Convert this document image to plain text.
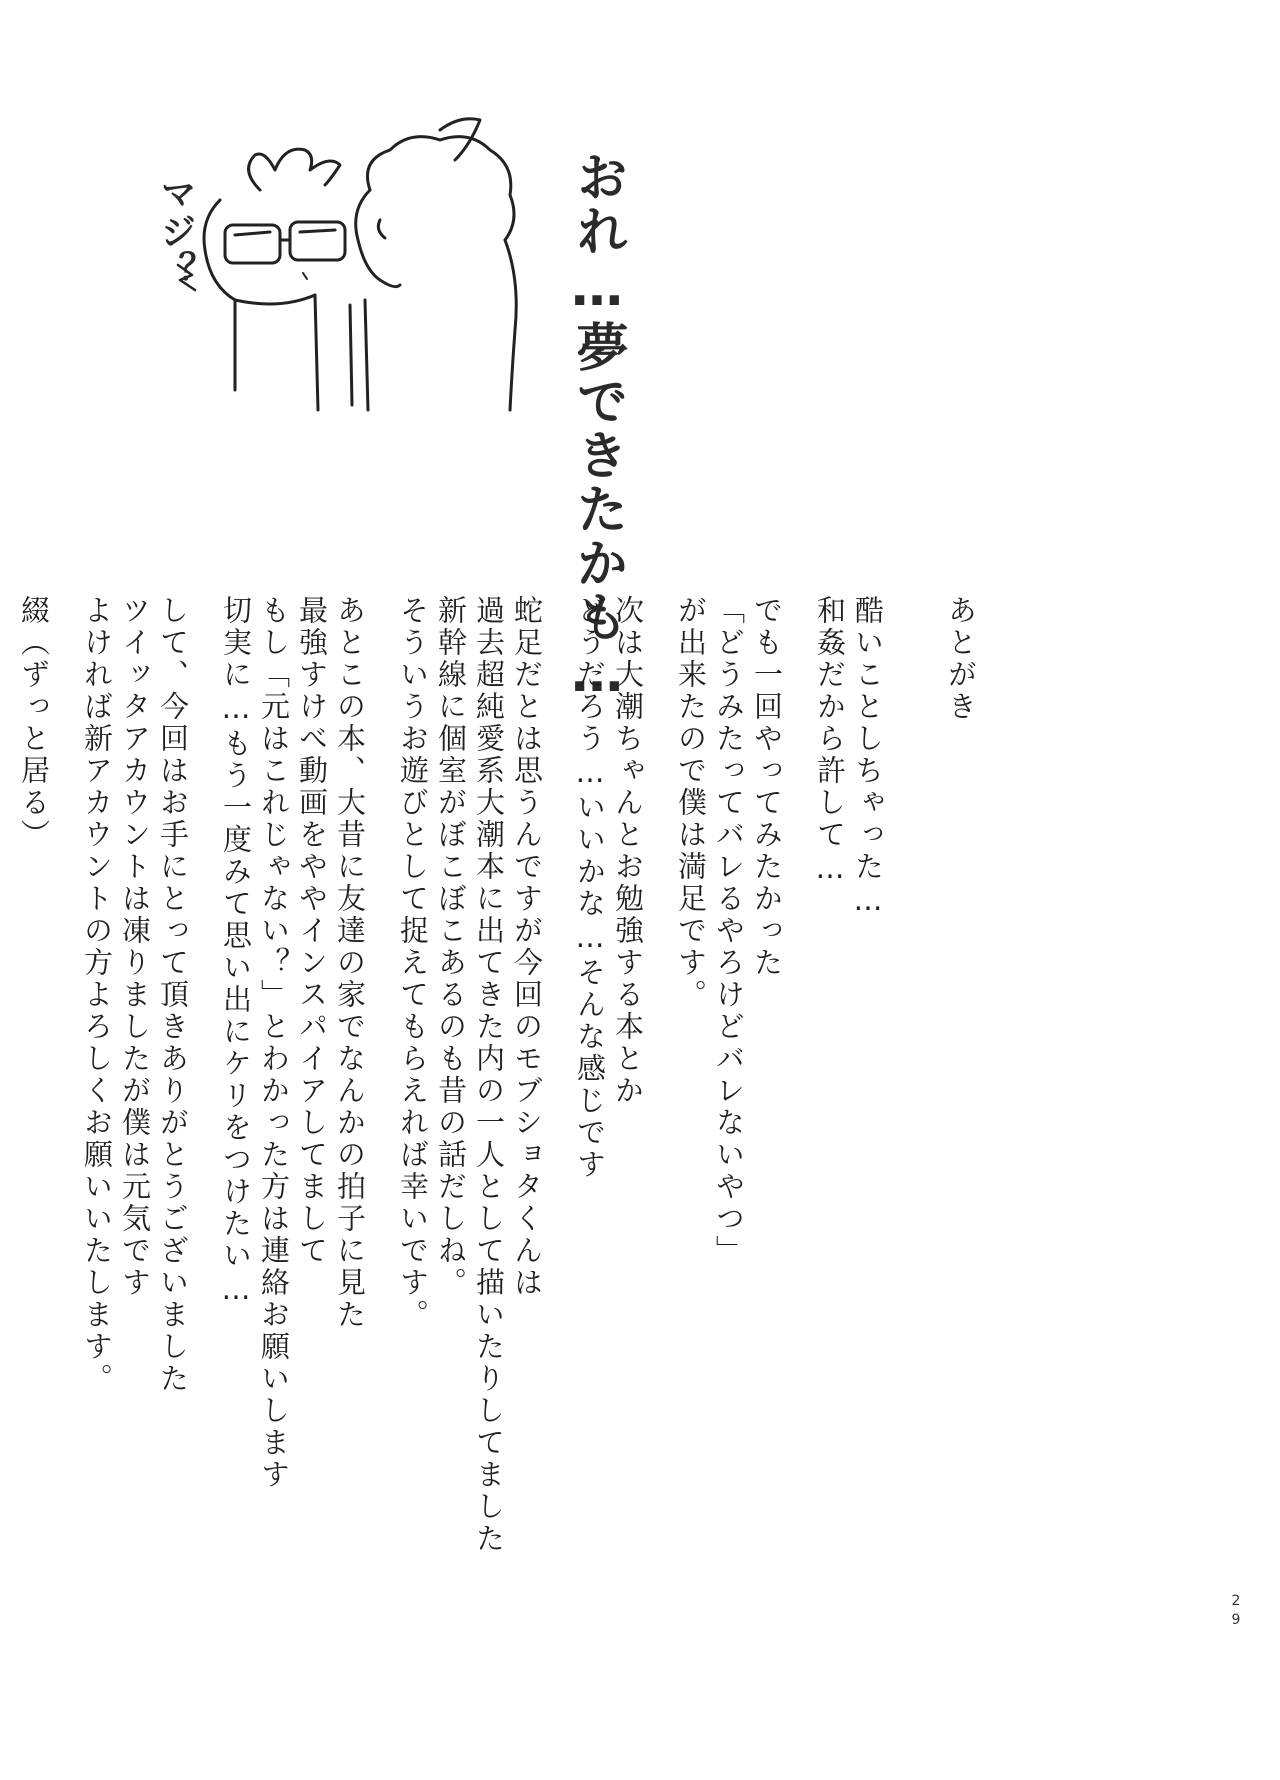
おれ…夢できたかも…
マジ？
あとがき
酷いことしちゃった…
和姦だから許して…
でも一回やってみたかった
「どうみたってバレるやろけどバレないやつ」
が出来たので僕は満足です。
次は大潮ちゃんとお勉強する本とか
どうだろう…いいかな…そんな感じです
蛇足だとは思うんですが今回のモブショタくんは
過去超純愛系大潮本に出てきた内の一人として描いたりしてました
新幹線に個室がぼこぼこあるのも昔の話だしね。
そういうお遊びとして捉えてもらえれば幸いです。
あとこの本、大昔に友達の家でなんかの拍子に見た
最強すけべ動画をややインスパイアしてまして
もし「元はこれじゃない？」とわかった方は連絡お願いします
切実に…もう一度みて思い出にケリをつけたい…
して、今回はお手にとって頂きありがとうございました
ツイッタアカウントは凍りましたが僕は元気です
よければ新アカウントの方よろしくお願いいたします。
綴（ずっと居る）
29
